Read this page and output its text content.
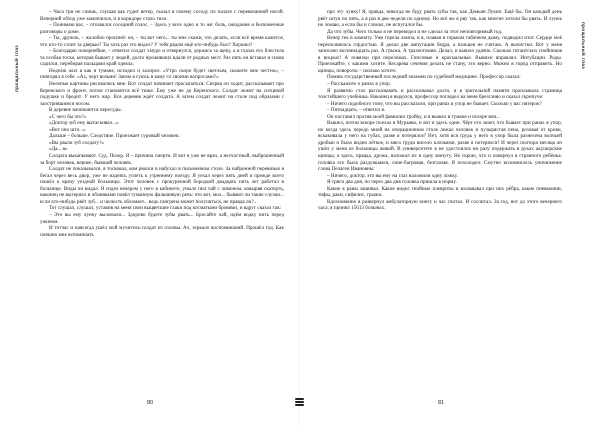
прощальный глаз

– Часа три не спишь, слушая как гудит ветер, сказал я своему соседу по палате с перевязанной ногой. Вечерний обход уже закончился, и в коридоре стало тихо.

– Понимаю вас, – отозвался соседний голос. – Здесь у всех одно и то же: боль, ожидание и бесконечные разговоры о доме.

– Ты, дружок, – жалобно произнёс он, – ты вот чего... ты мне скажи, что делать, если всё время кажется, что кто-то стоит за дверью? Ты хоть раз это видел? У тебя рядом ещё кто-нибудь был? Хорошо?

– Благодарю покорнейше, – ответил солдат хмуро и отвернулся, держась за щеку, а в глазах его блестела та особая тоска, которая бывает у людей, долго проживших вдали от родных мест. Раз пять он вставал и снова садился, перебирая пальцами край одеяла.

Неделю жил я как в тумане, исходил и захирел. «Утро скоро будет светлым, скажите мне честно», – повторял я себе. «Ах, черт возьми! Зачем я суюсь в кому со своими вопросами?»

Нелепые картины рисовались мне. Вот солдат начинает просыпаться. Сперва он ходит, рассказывает про Керенского и фронт, потом становится всё тише. Ему уже не до Керенского. Солдат лежит на ситцевой подушке и бредит. У него жар. Вся деревня ждёт солдата. А затем солдат лежит на столе под образами с заострившимся носом.

В деревне начинаются пересуды.

«С чего бы это?»

«Доктор зуб ему вытаскивал...»

«Вот оно што...»

Дальше – больше. Следствие. Приезжает суровый человек:

«Вы рвали зуб солдату?»

«Да... я»

Солдата выкапывают. Суд. Позор. Я – причина смерти. И вот я уже не врач, а несчастный, выброшенный за борт человек, вернее, бывший человек.

Солдат не показывался, я тосковал, ком рвался и набухал в письменном столе. За найденной перевязью я бегал через весь двор, уже не надеясь успеть к утреннему поезду. Я уехал через пять дней и прежде всего пошёл к врачу уездной больницы. Этот человек с прокуренной бородкой двадцать пять лет работал в больнице. Виды он видал. Я сидел вечером у него в кабинете, уныло пил чай с лимоном, ковыряя скатерть, наконец не вытерпел и обиняками повёл туманную фальшивую речь: что вот, мол... бывают ли такие случаи... если кто-нибудь рвёт зуб... и челюсть обломает... ведь гангрена может получиться, не правда ли?..

Тот слушал, слушал, уставив на меня свои выцветшие глаки под косматыми бровями, и вдруг сказал так:

– Это вы ему лунку выломали... Здорово будете зубы рвать... Бросайте чай, идём водку пить перед ужином.

И тотчас и навсегда ушёл мой мучитель-солдат из головы. Ах, зеркало воспоминаний. Прошёл год. Как смешно мне вспоминать

про эту лунку! Я, правда, никогда не буду рвать зубы так, как Демьян Лукич. Ещё бы. Он каждый день рвёт штук по пять, а я раз в две недели по одному. Но всё же я рву так, как многие хотели бы рвать. И лунок не ломаю, а если бы и сломал, не испугался бы.

Да что зубы. Чего только я не перевидел и не сделал за этот неповторимый год.

Вечер тек в комнату. Уже горела лампа, и я, плавая в горьком табачном дыму, подводил итог. Сердце моё переполнялось гордостью. Я делал две ампутации бедра, а пальцев не считаю. А вычистки. Вот у меня записано восемнадцать раз. А грыжа. А трахеотомия. Делал, и вышло удачно. Сколько гигантских гнойников я вскрыл! А повязки при переломах. Гипсовые и крахмальные. Вывихи вправлял. Интубации. Роды. Приезжайте, с какими хотите. Кесарева сечения делать не стану, это верно. Можно в город отправить. Но щипцы, повороты – сколько хотите.

Помню государственный последний экзамен по судебной медицине. Профессор сказал:

– Расскажите о ранах в упор.

Я развязно стал рассказывать и рассказывал долго, и в зрительной памяти проплывала страница толстейшего учебника. Наконец я выдохся, профессор поглядел на меня брезгливо и сказал скрипуче:

– Ничего подобного тому, что вы рассказали, при ранах в упор не бывает. Сколько у вас пятерок?

– Пятнадцать, – ответил я.

Он поставил против моей фамилии тройку, и я вышел в тумане и позоре вон...

Вышел, потом вскоре поехал в Мурьево, и вот я здесь один. Чёрт его знает, что бывает при ранах в упор, но когда здесь передо мной на операционном столе лежал человек и пузырястая пена, розовая от крови, вскакивала у него на губах, разве я потерялся? Нет, хотя вся грудь у него в упор была разнесена волчьей дробью и было видно лёгкое, и мясо груди висело клочьями, разве я потерялся? И через полтора месяца он ушёл у меня из больницы живой. В университете я не удостоился ни разу подержать в руках акушерские щипцы, а здесь, правда, дрожа, наложил их в одну минуту. Не скрою, что и повернул я странного ребёнка: головка его была раздувшаяся, сине-багровая, безглазая. Я похолодел. Смутно вспомнилось уничижение слова Пелагеи Ивановны:

– Ничего, доктор, это вы ему на глаз наложили одну ложку.

Я тряси два дня, по через два дня головка пришла в норму.

Какие я раны зашивал. Какие видел гнойные плевриты и взламывал при них рёбра, какие пневмонии, тифы, раки, сифилис, грыжи.

Вдохновенно я развернул амбулаторную книгу и час считал. И сосчитал. За год, вот до этого вечернего часа, я принял 15613 больных.

прощальный глаз
80	81
